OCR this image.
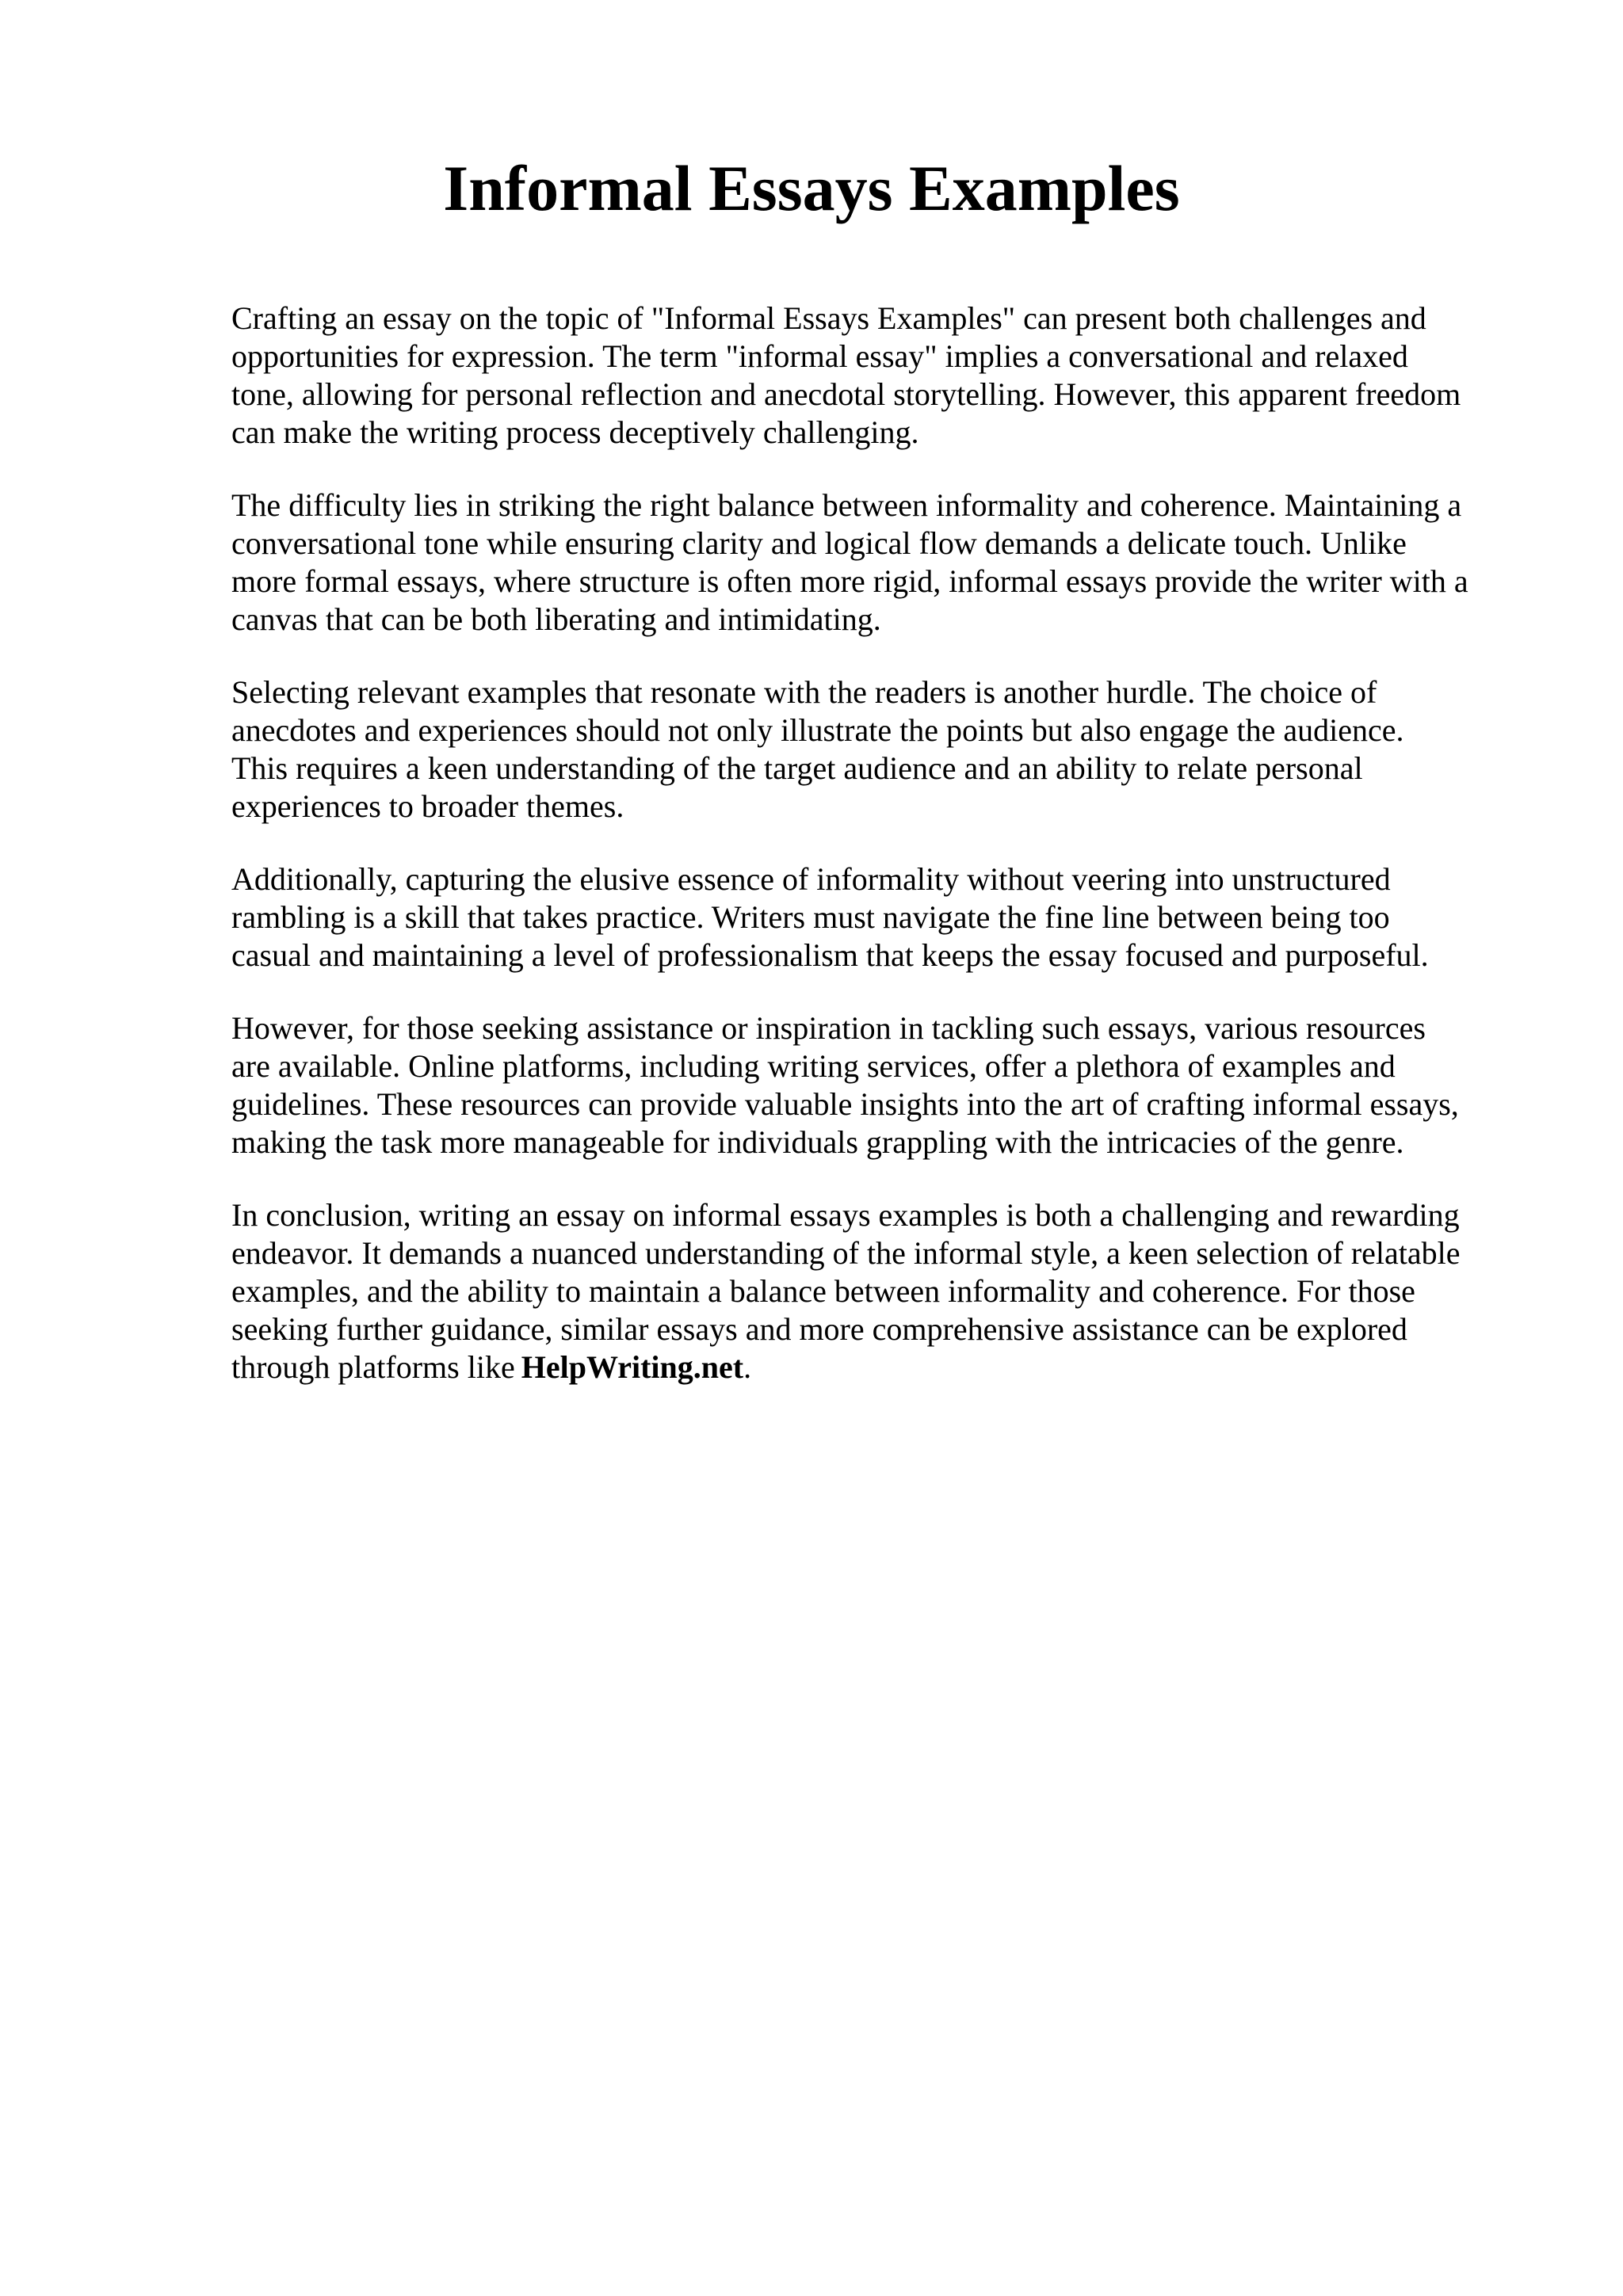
Informal Essays Examples

Crafting an essay on the topic of "Informal Essays Examples" can present both challenges and
opportunities for expression. The term "informal essay" implies a conversational and relaxed
tone, allowing for personal reflection and anecdotal storytelling. However, this apparent freedom
can make the writing process deceptively challenging.

The difficulty lies in striking the right balance between informality and coherence. Maintaining a
conversational tone while ensuring clarity and logical flow demands a delicate touch. Unlike
more formal essays, where structure is often more rigid, informal essays provide the writer with a
canvas that can be both liberating and intimidating.

Selecting relevant examples that resonate with the readers is another hurdle. The choice of
anecdotes and experiences should not only illustrate the points but also engage the audience.
This requires a keen understanding of the target audience and an ability to relate personal
experiences to broader themes.

Additionally, capturing the elusive essence of informality without veering into unstructured
rambling is a skill that takes practice. Writers must navigate the fine line between being too
casual and maintaining a level of professionalism that keeps the essay focused and purposeful.

However, for those seeking assistance or inspiration in tackling such essays, various resources
are available. Online platforms, including writing services, offer a plethora of examples and
guidelines. These resources can provide valuable insights into the art of crafting informal essays,
making the task more manageable for individuals grappling with the intricacies of the genre.

In conclusion, writing an essay on informal essays examples is both a challenging and rewarding
endeavor. It demands a nuanced understanding of the informal style, a keen selection of relatable
examples, and the ability to maintain a balance between informality and coherence. For those
seeking further guidance, similar essays and more comprehensive assistance can be explored
through platforms like HelpWriting.net.
